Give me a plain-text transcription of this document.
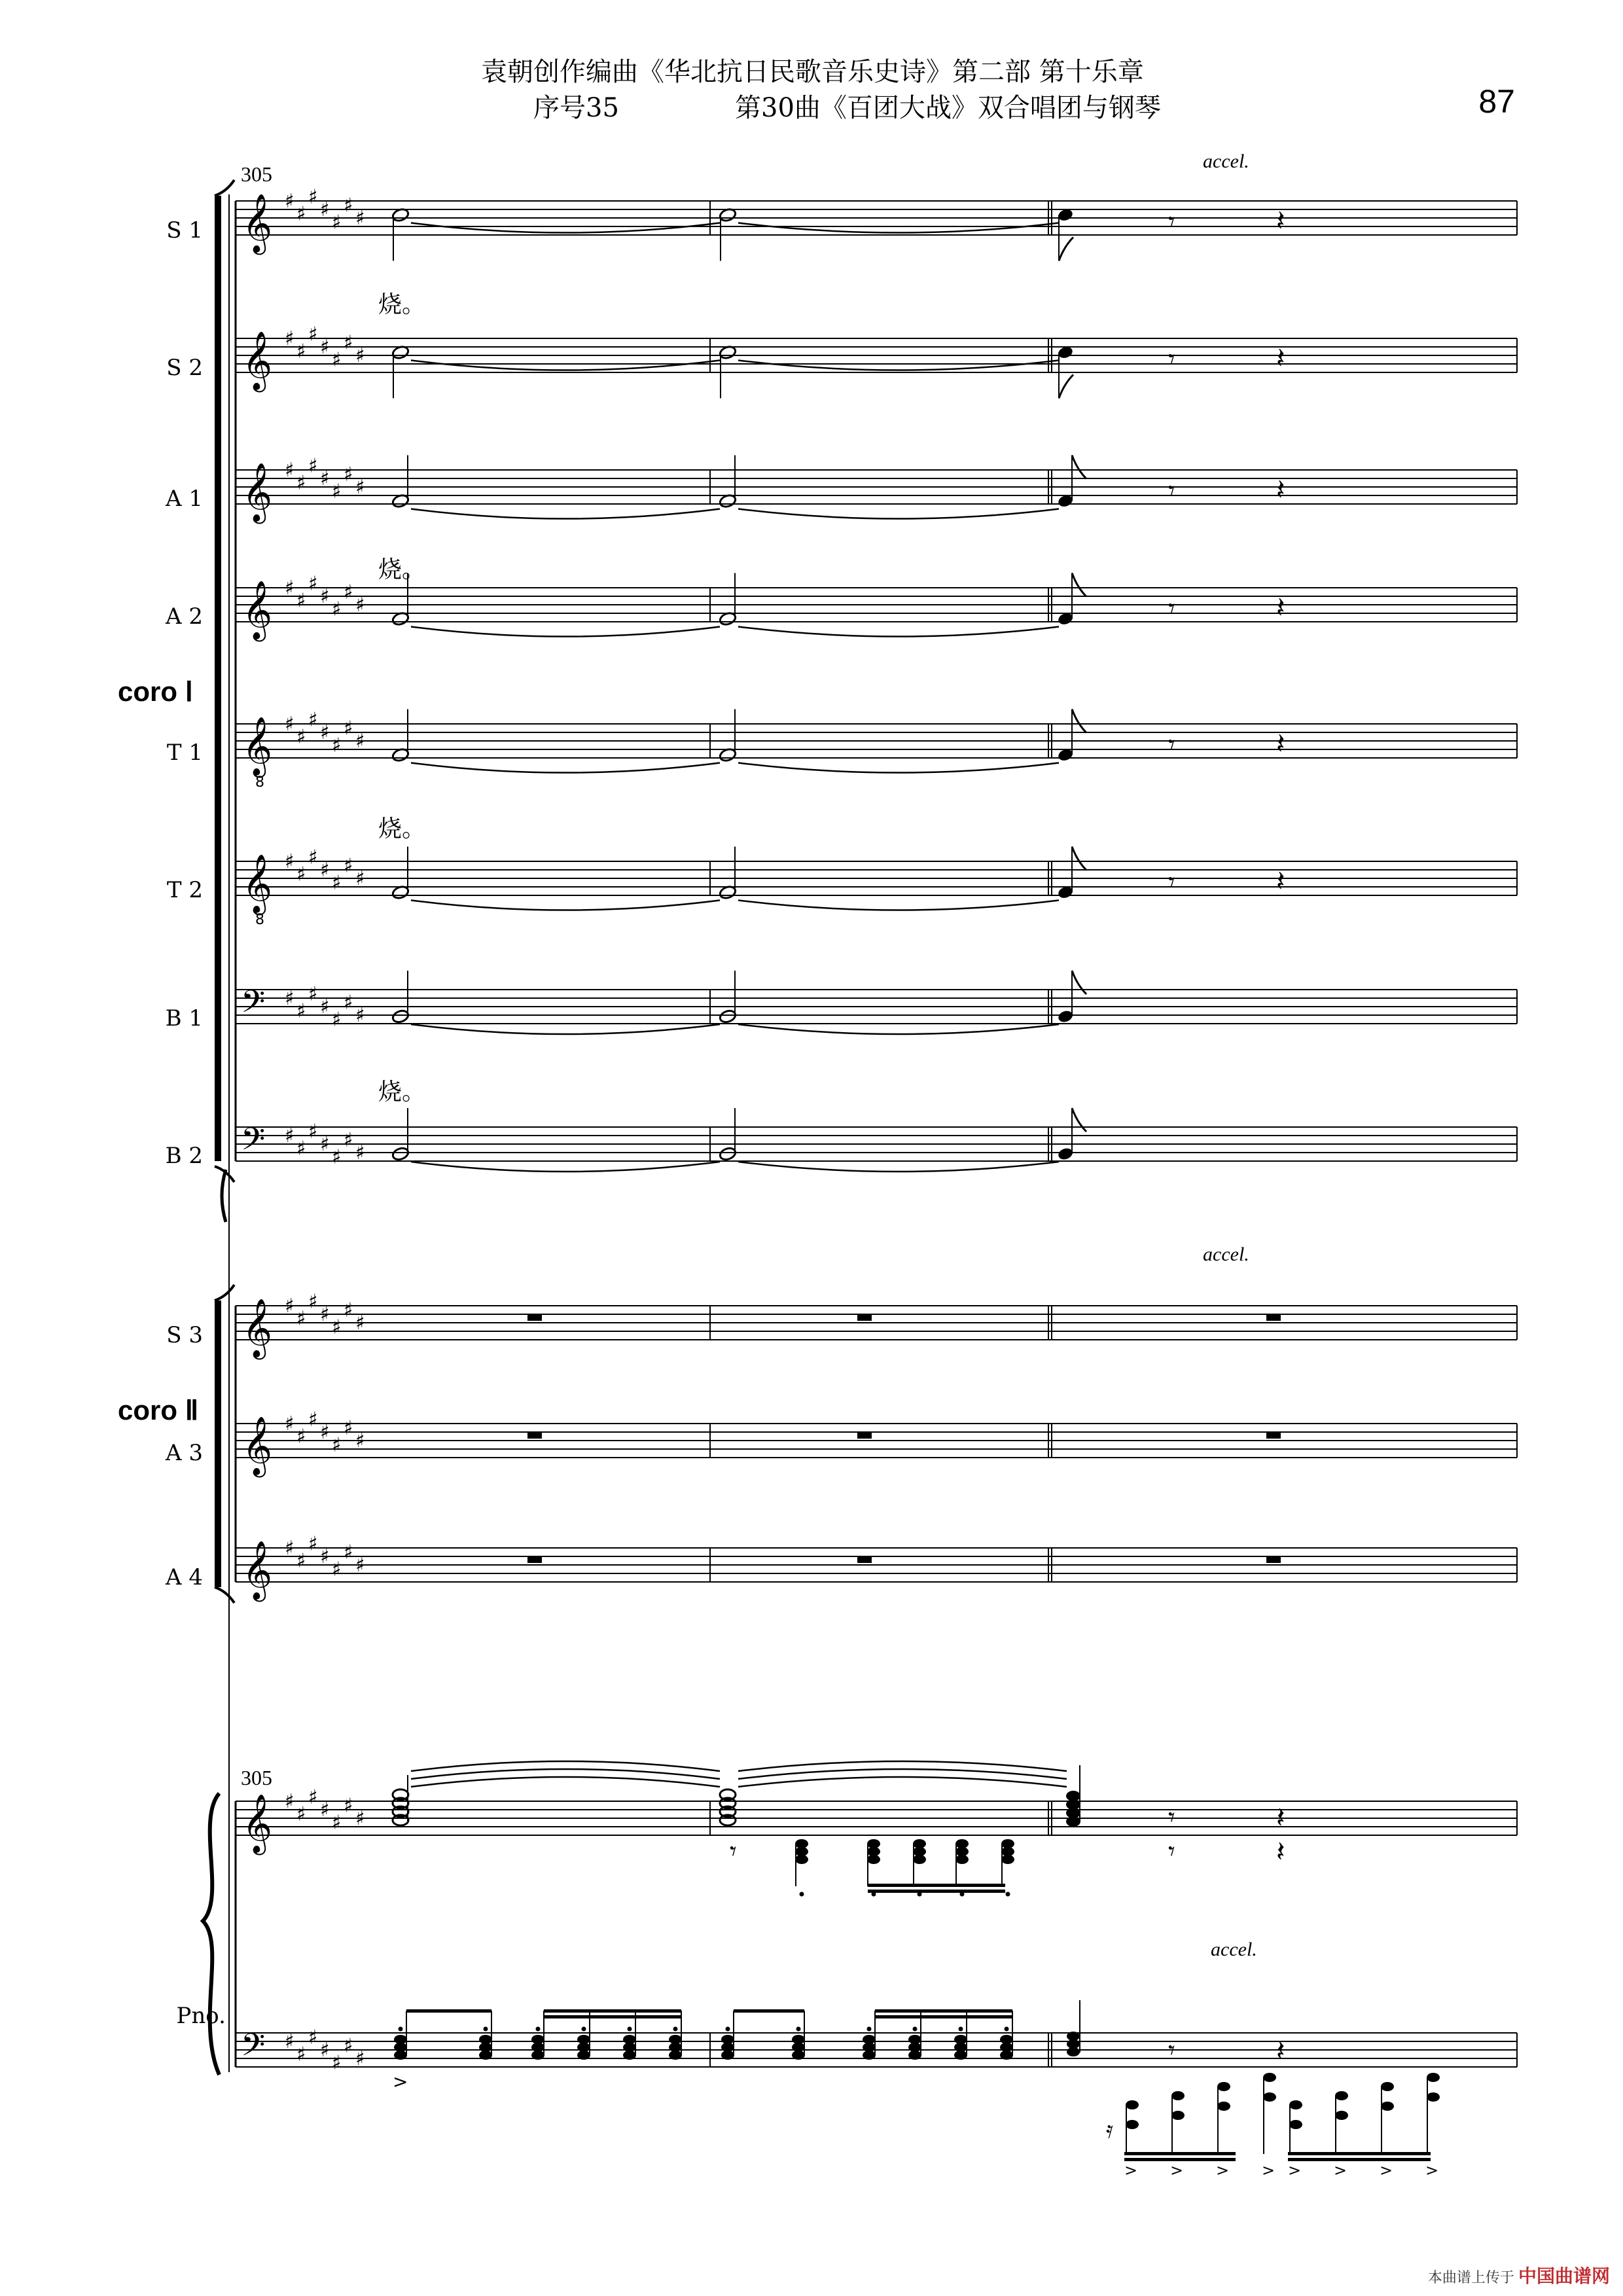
袁朝创作编曲《华北抗日民歌音乐史诗》第二部 第十乐章
序号35	第30曲《百团大战》双合唱团与钢琴	87
305
305
accel.
accel.
accel.
coro Ⅰ
coro Ⅱ
Pno.
S 1
S 2
A 1
A 2
T 1
T 2
B 1
B 2
S 3
A 3
A 4
烧。
烧。
烧。
烧。
本曲谱上传于 中国曲谱网
𝄞 ♯
♯
♯
♯
♯
♯
♯
𝄞 ♯
♯
♯
♯
♯
♯
♯
𝄞 ♯
♯
♯
♯
♯
♯
♯
𝄞 ♯
♯
♯
♯
♯
♯
♯
𝄞
8
♯
♯
♯
♯
♯
♯
♯
𝄞
8
♯
♯
♯
♯
♯
♯
♯
𝄢 ♯
♯
♯
♯
♯
♯
♯
𝄢 ♯
♯
♯
♯
♯
♯
♯
𝄾	𝄽
𝄾	𝄽
𝄾	𝄽
𝄾	𝄽
𝄾	𝄽
𝄾	𝄽
𝄞 ♯
♯
♯
♯
♯
♯
♯
𝄞 ♯
♯
♯
♯
♯
♯
♯
𝄞 ♯
♯
♯
♯
♯
♯
♯
𝄞 ♯
♯
♯
♯
♯
♯
♯
𝄢 ♯
♯
♯
♯
♯
♯
♯
𝄾	𝄽
𝄾	𝄽
𝄾
>
𝄾	𝄽
> > > > > > > >
𝄿
